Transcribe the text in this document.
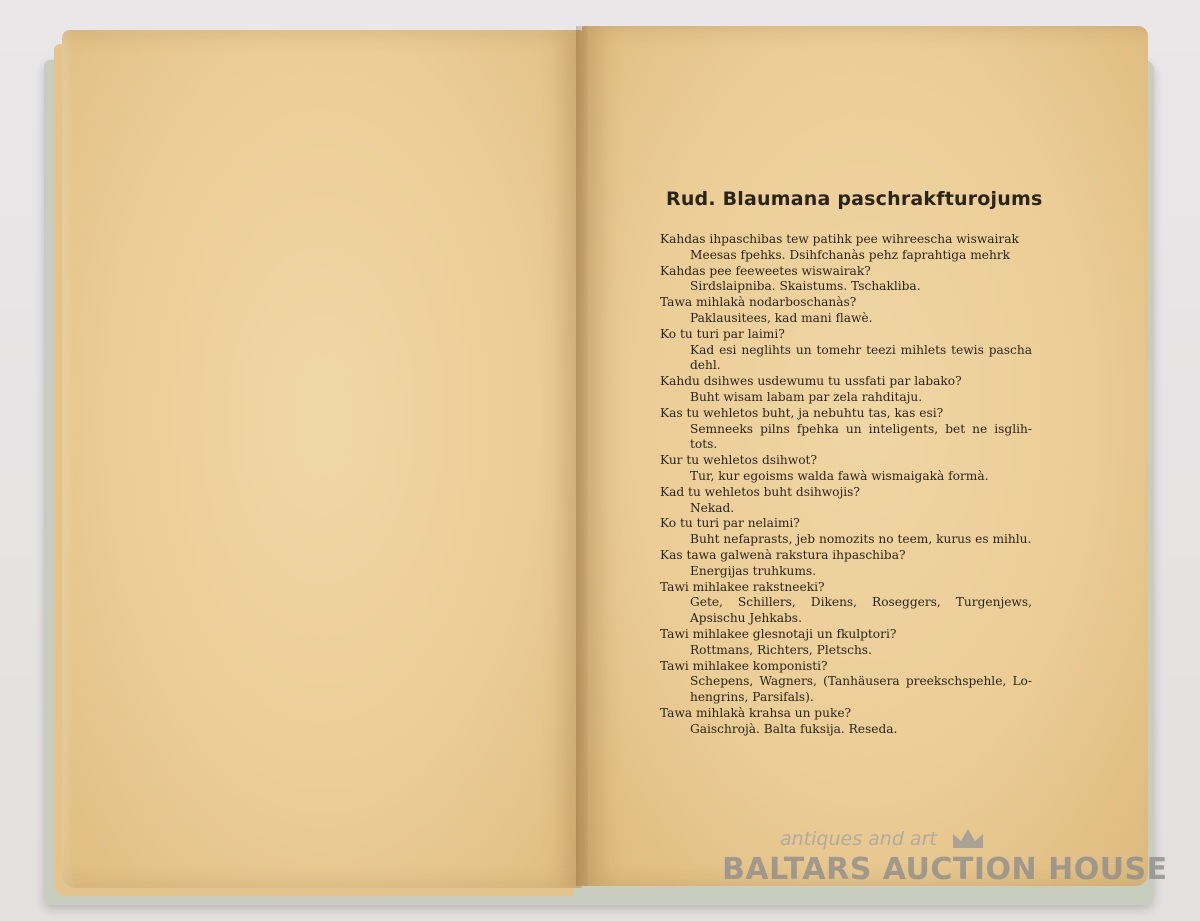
Rud. Blaumana paschrakfturojums

Kahdas ihpaschibas tew patihk pee wihreescha wiswairak

Meesas fpehks. Dsihfchanàs pehz faprahtiga mehrk

Kahdas pee feeweetes wiswairak?

Sirdslaipniba. Skaistums. Tschakliba.

Tawa mihlakà nodarboschanàs?

Paklausitees, kad mani flawè.

Ko tu turi par laimi?

Kad esi neglihts un tomehr teezi mihlets tewis pascha dehl.

Kahdu dsihwes usdewumu tu ussfati par labako?

Buht wisam labam par zela rahditaju.

Kas tu wehletos buht, ja nebuhtu tas, kas esi?

Semneeks pilns fpehka un inteligents, bet ne isglih-tots.

Kur tu wehletos dsihwot?

Tur, kur egoisms walda fawà wismaigakà formà.

Kad tu wehletos buht dsihwojis?

Nekad.

Ko tu turi par nelaimi?

Buht nefaprasts, jeb nomozits no teem, kurus es mihlu.

Kas tawa galwenà rakstura ihpaschiba?

Energijas truhkums.

Tawi mihlakee rakstneeki?

Gete, Schillers, Dikens, Roseggers, Turgenjews, Apsischu Jehkabs.

Tawi mihlakee glesnotaji un fkulptori?

Rottmans, Richters, Pletschs.

Tawi mihlakee komponisti?

Schepens, Wagners, (Tanhäusera preekschspehle, Lo-hengrins, Parsifals).

Tawa mihlakà krahsa un puke?

Gaischrojà. Balta fuksija. Reseda.

antiques and art
BALTARS AUCTION HOUSE
